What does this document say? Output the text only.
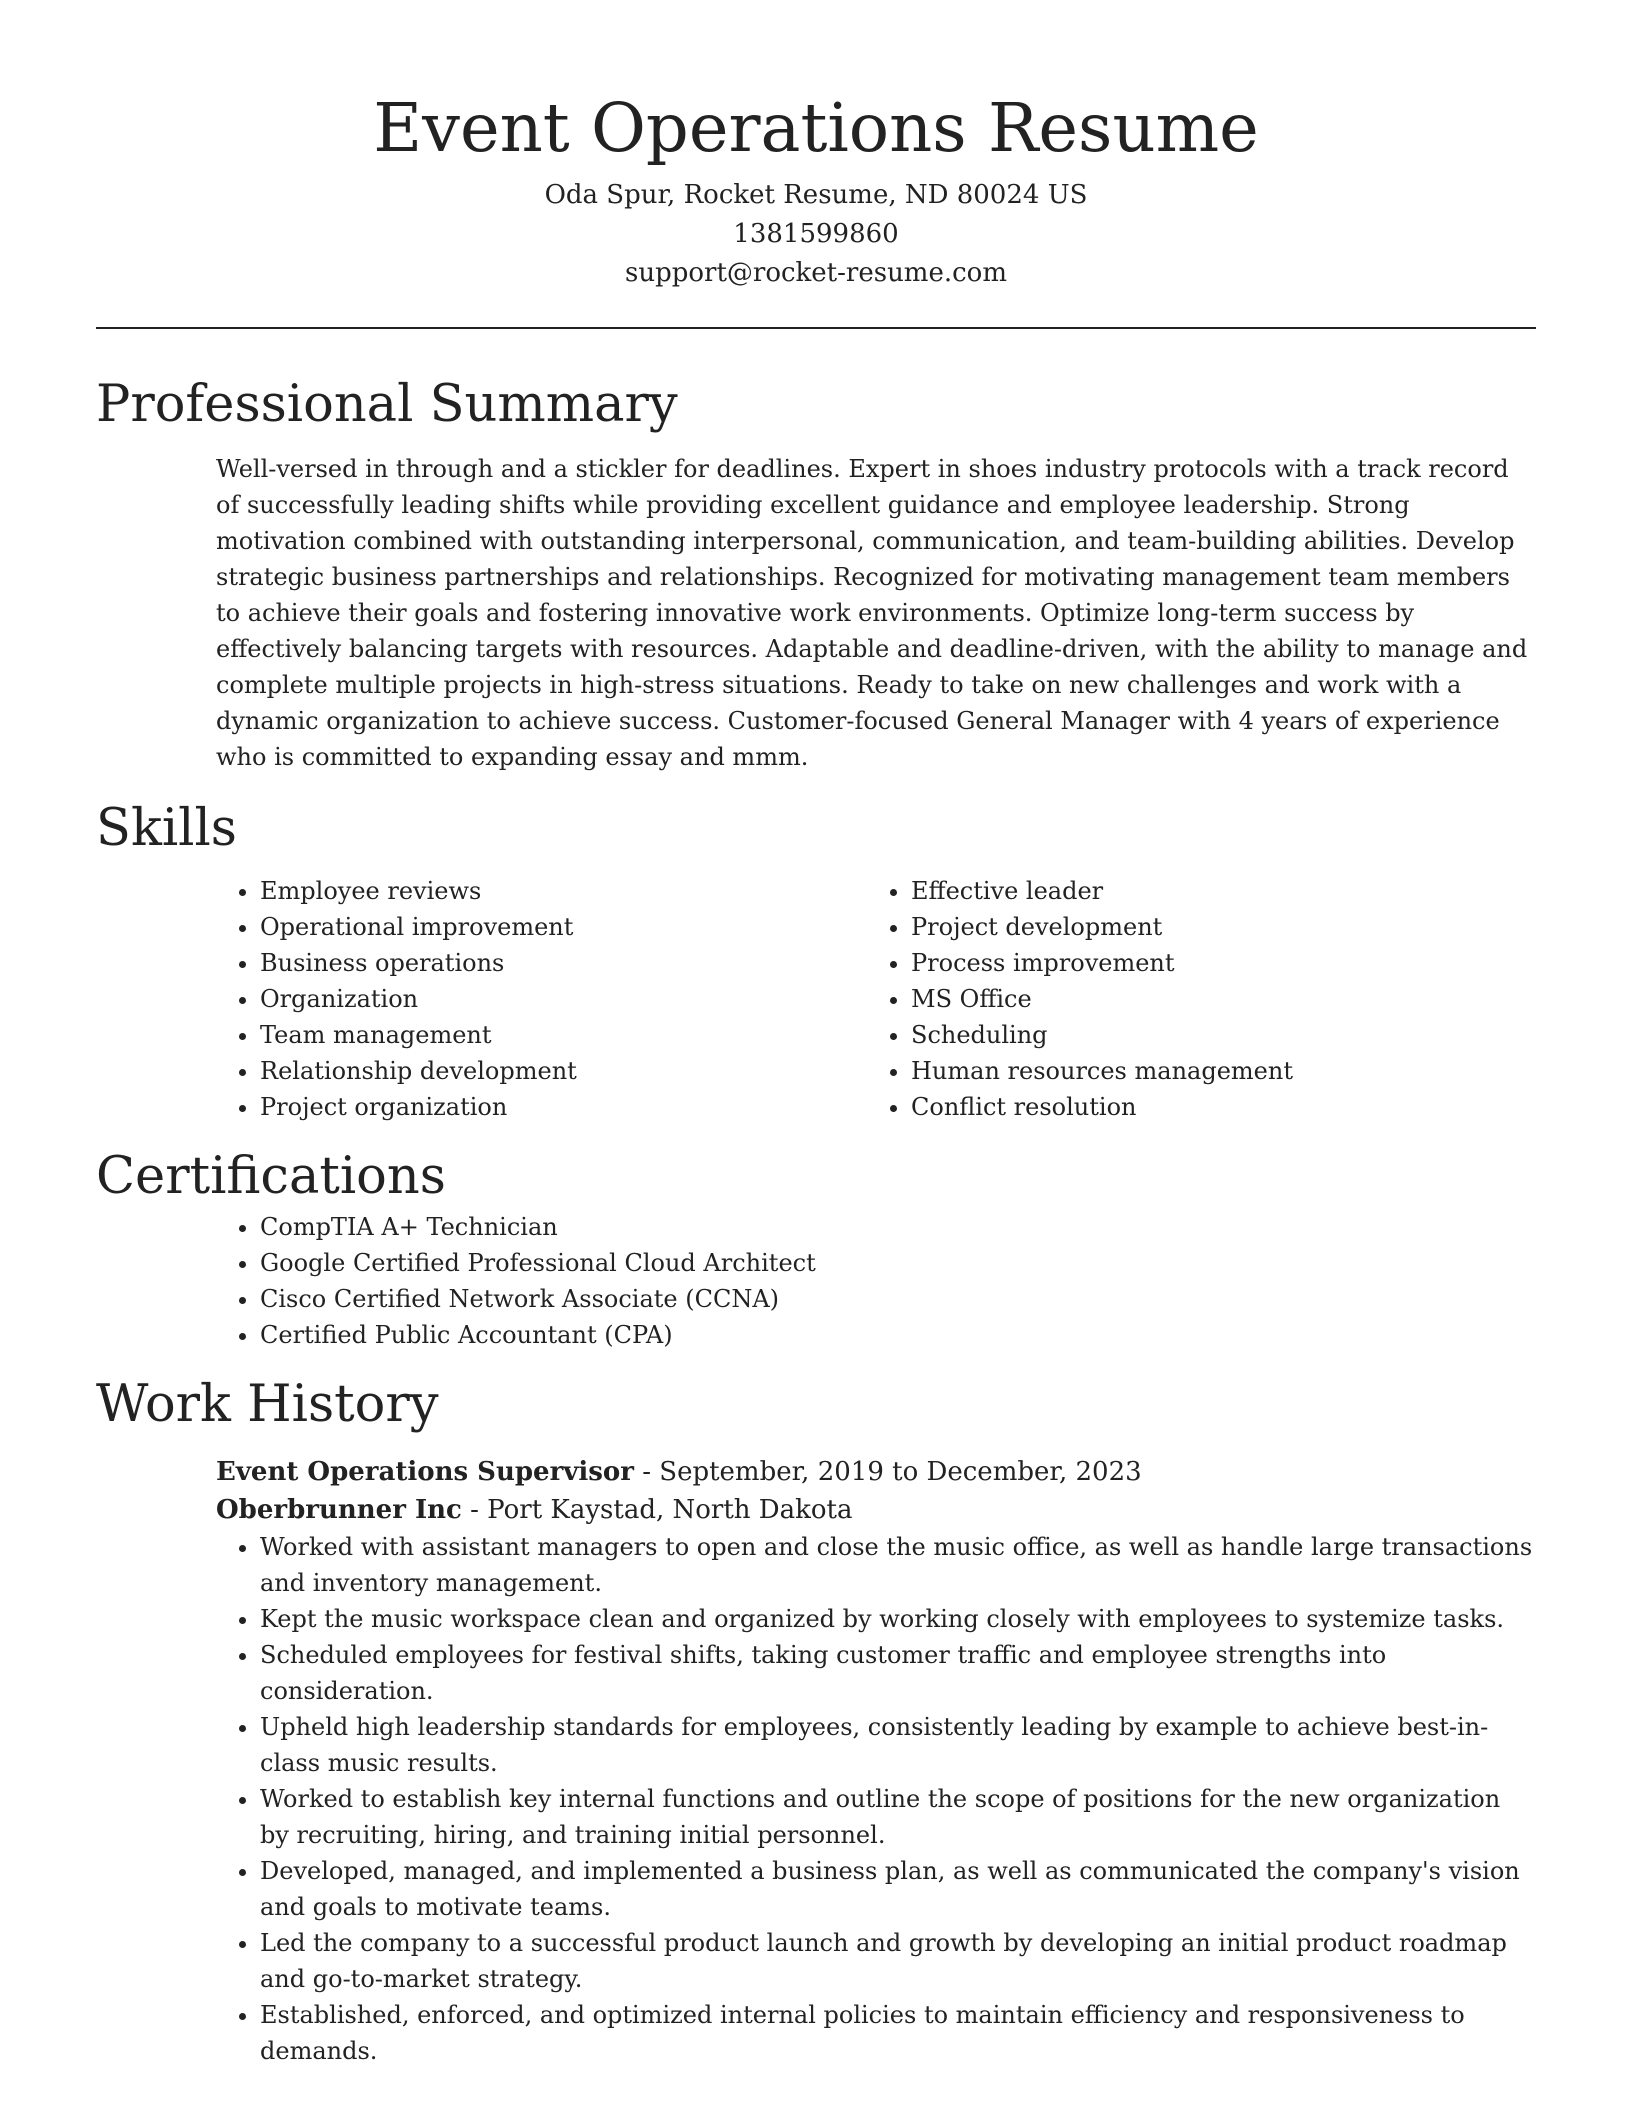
Event Operations Resume

Oda Spur, Rocket Resume, ND 80024 US

1381599860

support@rocket-resume.com

Professional Summary

Well-versed in through and a stickler for deadlines. Expert in shoes industry protocols with a track record of successfully leading shifts while providing excellent guidance and employee leadership. Strong motivation combined with outstanding interpersonal, communication, and team-building abilities. Develop strategic business partnerships and relationships. Recognized for motivating management team members to achieve their goals and fostering innovative work environments. Optimize long-term success by effectively balancing targets with resources. Adaptable and deadline-driven, with the ability to manage and complete multiple projects in high-stress situations. Ready to take on new challenges and work with a dynamic organization to achieve success. Customer-focused General Manager with 4 years of experience who is committed to expanding essay and mmm.

Skills
• Employee reviews
• Operational improvement
• Business operations
• Organization
• Team management
• Relationship development
• Project organization
• Effective leader
• Project development
• Process improvement
• MS Office
• Scheduling
• Human resources management
• Conflict resolution
Certifications
• CompTIA A+ Technician
• Google Certified Professional Cloud Architect
• Cisco Certified Network Associate (CCNA)
• Certified Public Accountant (CPA)
Work History

Event Operations Supervisor - September, 2019 to December, 2023

Oberbrunner Inc - Port Kaystad, North Dakota

• Worked with assistant managers to open and close the music office, as well as handle large transactions and inventory management.
• Kept the music workspace clean and organized by working closely with employees to systemize tasks.
• Scheduled employees for festival shifts, taking customer traffic and employee strengths into consideration.
• Upheld high leadership standards for employees, consistently leading by example to achieve best-in-class music results.
• Worked to establish key internal functions and outline the scope of positions for the new organization by recruiting, hiring, and training initial personnel.
• Developed, managed, and implemented a business plan, as well as communicated the company's vision and goals to motivate teams.
• Led the company to a successful product launch and growth by developing an initial product roadmap and go-to-market strategy.
• Established, enforced, and optimized internal policies to maintain efficiency and responsiveness to demands.
